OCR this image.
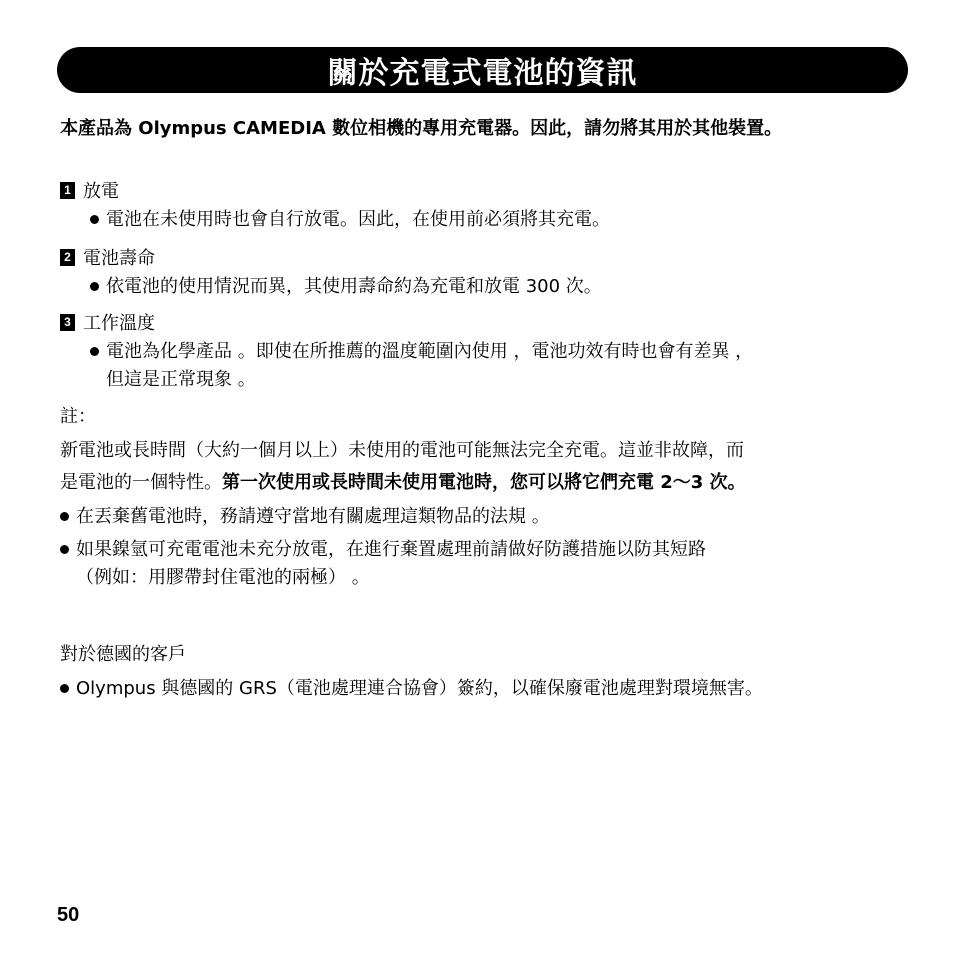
關於充電式電池的資訊
本產品為 Olympus CAMEDIA 數位相機的專用充電器。因此，請勿將其用於其他裝置。
1 放電
電池在未使用時也會自行放電。因此，在使用前必須將其充電。
2 電池壽命
依電池的使用情況而異，其使用壽命約為充電和放電 300 次。
3 工作溫度
電池為化學產品 。即使在所推薦的溫度範圍內使用 ，電池功效有時也會有差異 ，
但這是正常現象 。
註：
新電池或長時間（大約一個月以上）未使用的電池可能無法完全充電。這並非故障，而
是電池的一個特性。第一次使用或長時間未使用電池時，您可以將它們充電 2〜3 次。
在丟棄舊電池時，務請遵守當地有關處理這類物品的法規 。
如果鎳氫可充電電池未充分放電，在進行棄置處理前請做好防護措施以防其短路
（例如：用膠帶封住電池的兩極） 。
對於德國的客戶
Olympus 與德國的 GRS（電池處理連合協會）簽約，以確保廢電池處理對環境無害。
50
